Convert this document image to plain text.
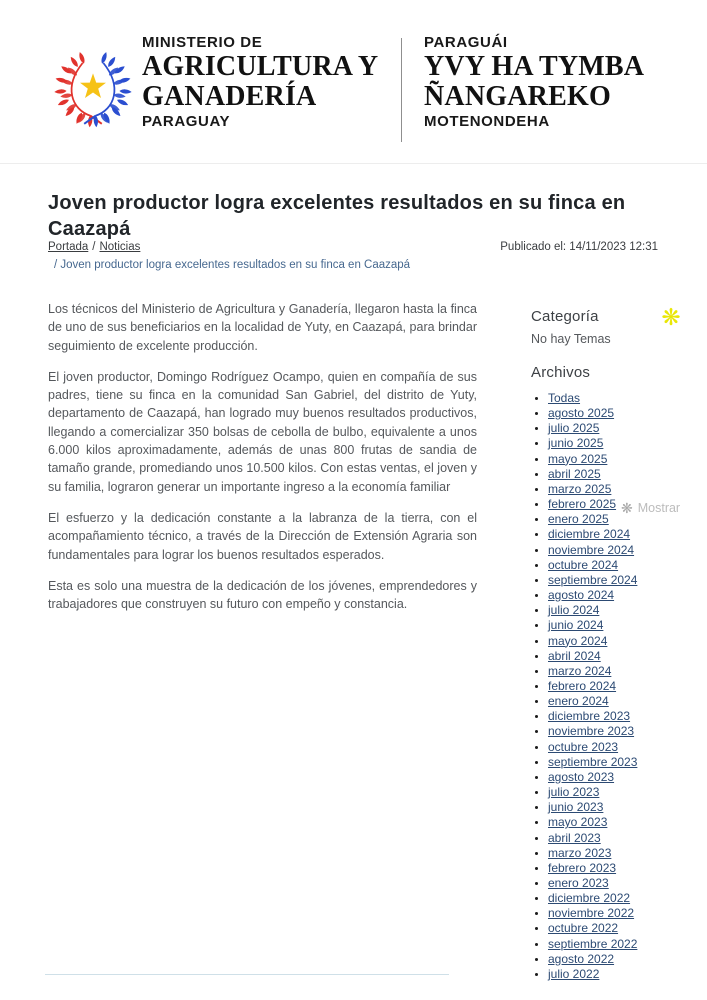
MINISTERIO DE
AGRICULTURA Y
GANADERÍA
PARAGUAY
PARAGUÁI
YVY HA TYMBA
ÑANGAREKO
MOTENONDEHA
Joven productor logra excelentes resultados en su finca en Caazapá
Portada / Noticias
/ Joven productor logra excelentes resultados en su finca en Caazapá
Publicado el: 14/11/2023 12:31

Los técnicos del Ministerio de Agricultura y Ganadería, llegaron hasta la finca de uno de sus beneficiarios en la localidad de Yuty, en Caazapá, para brindar seguimiento de excelente producción.

El joven productor, Domingo Rodríguez Ocampo, quien en compañía de sus padres, tiene su finca en la comunidad San Gabriel, del distrito de Yuty, departamento de Caazapá, han logrado muy buenos resultados productivos, llegando a comercializar 350 bolsas de cebolla de bulbo, equivalente a unos 6.000 kilos aproximadamente, además de unas 800 frutas de sandia de tamaño grande, promediando unos 10.500 kilos. Con estas ventas, el joven y su familia, lograron generar un importante ingreso a la economía familiar

El esfuerzo y la dedicación constante a la labranza de la tierra, con el acompañamiento técnico, a través de la Dirección de Extensión Agraria son fundamentales para lograr los buenos resultados esperados.

Esta es solo una muestra de la dedicación de los jóvenes, emprendedores y trabajadores que construyen su futuro con empeño y constancia.

Categoría
No hay Temas
Archivos
• Todas
• agosto 2025
• julio 2025
• junio 2025
• mayo 2025
• abril 2025
• marzo 2025
• febrero 2025
• enero 2025
• diciembre 2024
• noviembre 2024
• octubre 2024
• septiembre 2024
• agosto 2024
• julio 2024
• junio 2024
• mayo 2024
• abril 2024
• marzo 2024
• febrero 2024
• enero 2024
• diciembre 2023
• noviembre 2023
• octubre 2023
• septiembre 2023
• agosto 2023
• julio 2023
• junio 2023
• mayo 2023
• abril 2023
• marzo 2023
• febrero 2023
• enero 2023
• diciembre 2022
• noviembre 2022
• octubre 2022
• septiembre 2022
• agosto 2022
• julio 2022
❋
❋ Mostrar
